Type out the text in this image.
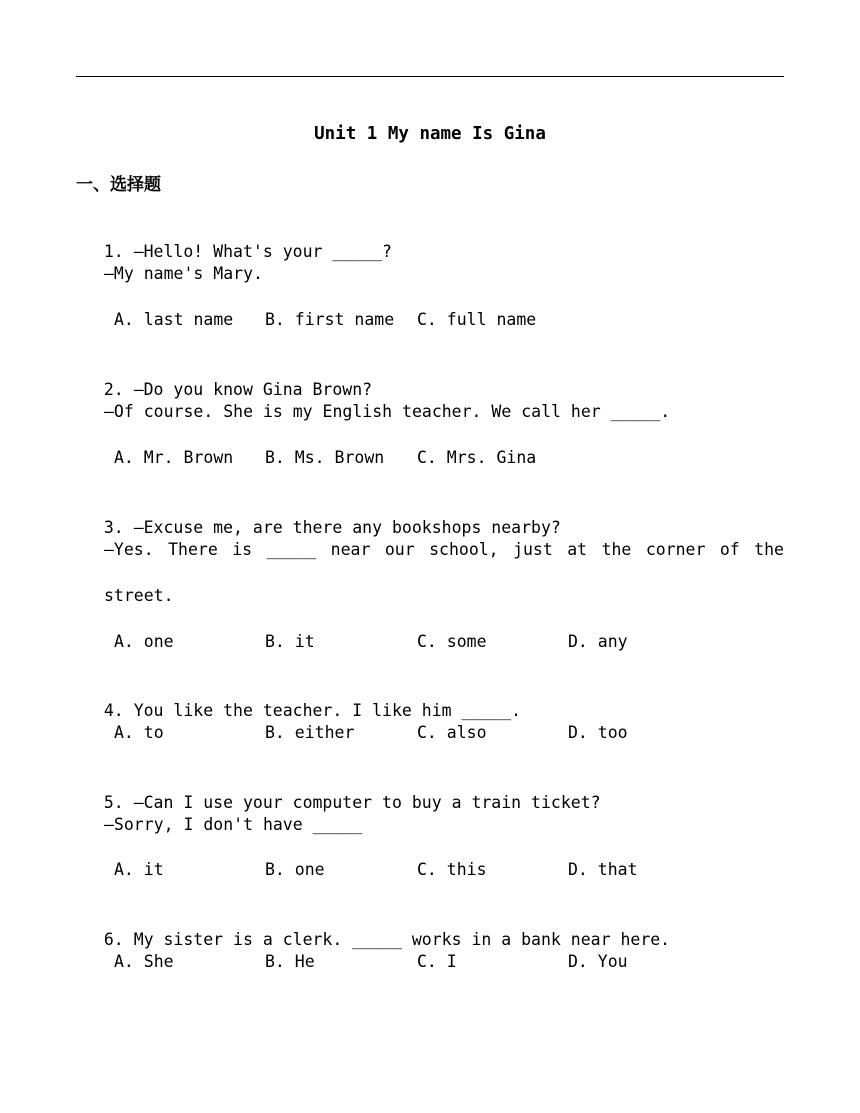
Unit 1 My name Is Gina
一、选择题

1. —Hello! What's your _____?

—My name's Mary.
A. last name B. first name C. full name

2. —Do you know Gina Brown?

—Of course. She is my English teacher. We call her _____.
A. Mr. Brown B. Ms. Brown C. Mrs. Gina

3. —Excuse me, are there any bookshops nearby?

—Yes. There is _____ near our school, just at the corner of the
street.
A. one	B. it	C. some	D. any

4. You like the teacher. I like him _____.

A. to	B. either	C. also	D. too

5. —Can I use your computer to buy a train ticket?

—Sorry, I don't have _____
A. it	B. one	C. this	D. that

6. My sister is a clerk. _____ works in a bank near here.

A. She	B. He	C. I	D. You
